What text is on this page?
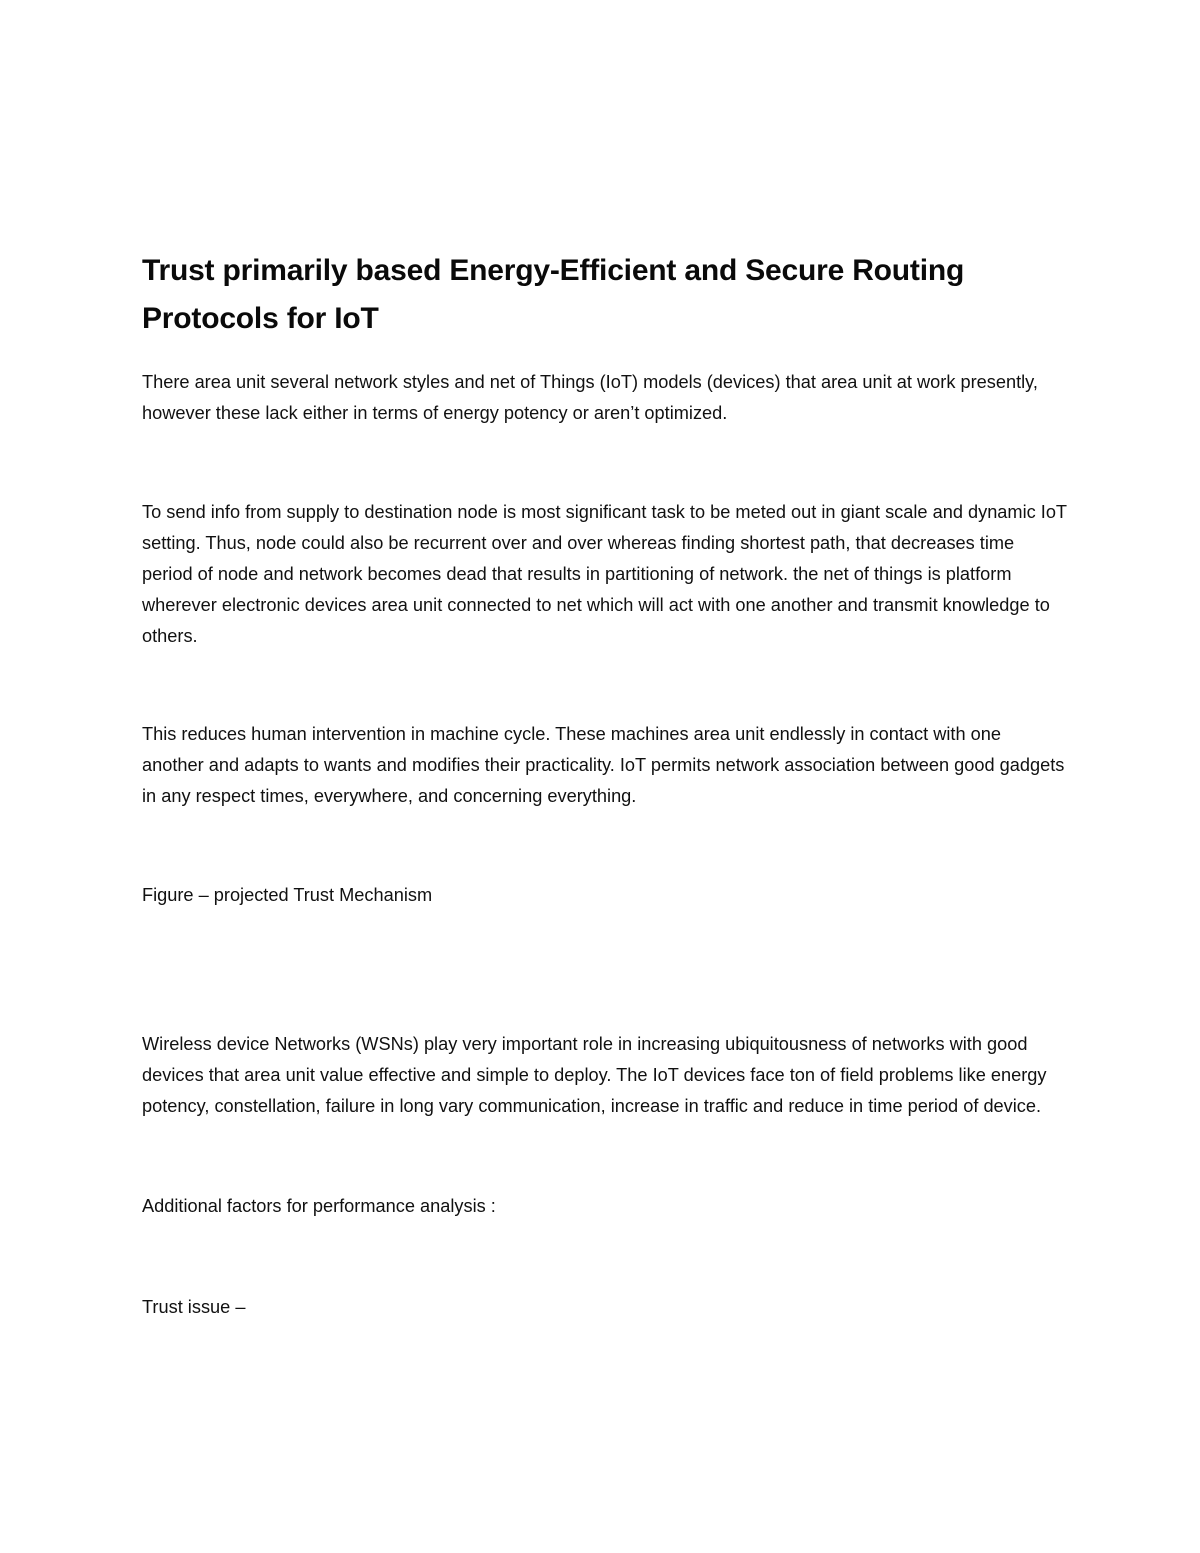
Trust primarily based Energy-Efficient and Secure Routing Protocols for IoT

There area unit several network styles and net of Things (IoT) models (devices) that area unit at work presently, however these lack either in terms of energy potency or aren’t optimized.

To send info from supply to destination node is most significant task to be meted out in giant scale and dynamic IoT setting. Thus, node could also be recurrent over and over whereas finding shortest path, that decreases time period of node and network becomes dead that results in partitioning of network. the net of things is platform wherever electronic devices area unit connected to net which will act with one another and transmit knowledge to others.

This reduces human intervention in machine cycle. These machines area unit endlessly in contact with one another and adapts to wants and modifies their practicality. IoT permits network association between good gadgets in any respect times, everywhere, and concerning everything.

Figure – projected Trust Mechanism

Wireless device Networks (WSNs) play very important role in increasing ubiquitousness of networks with good devices that area unit value effective and simple to deploy. The IoT devices face ton of field problems like energy potency, constellation, failure in long vary communication, increase in traffic and reduce in time period of device.

Additional factors for performance analysis :

Trust issue –
